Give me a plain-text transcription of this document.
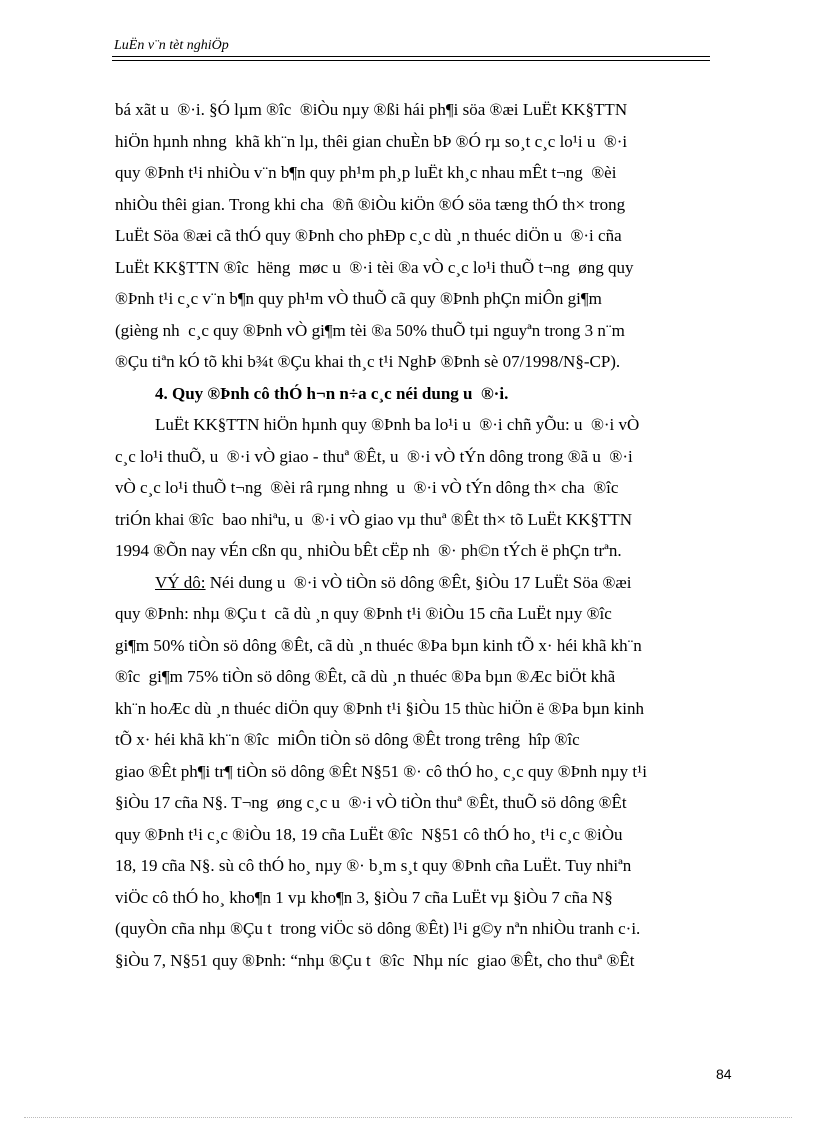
LuËn v¨n tèt nghiÖp
bá xãt u  ®·i. §Ó lµm ®îc  ®iÒu nµy ®ßi hái ph¶i söa ®æi LuËt KK§TTN
hiÖn hµnh nhng  khã kh¨n lµ, thêi gian chuÈn bÞ ®Ó rµ so¸t c¸c lo¹i u  ®·i
quy ®Þnh t¹i nhiÒu v¨n b¶n quy ph¹m ph¸p luËt kh¸c nhau mÊt t¬ng  ®èi
nhiÒu thêi gian. Trong khi cha  ®ñ ®iÒu kiÖn ®Ó söa tæng thÓ th× trong
LuËt Söa ®æi cã thÓ quy ®Þnh cho phÐp c¸c dù ¸n thuéc diÖn u  ®·i cña
LuËt KK§TTN ®îc  hëng  møc u  ®·i tèi ®a vÒ c¸c lo¹i thuÕ t¬ng  øng quy
®Þnh t¹i c¸c v¨n b¶n quy ph¹m vÒ thuÕ cã quy ®Þnh phÇn miÔn gi¶m
(gièng nh  c¸c quy ®Þnh vÒ gi¶m tèi ®a 50% thuÕ tµi nguyªn trong 3 n¨m
®Çu tiªn kÓ tõ khi b¾t ®Çu khai th¸c t¹i NghÞ ®Þnh sè 07/1998/N§-CP).
4. Quy ®Þnh cô thÓ h¬n n÷a c¸c néi dung u  ®·i.
LuËt KK§TTN hiÖn hµnh quy ®Þnh ba lo¹i u  ®·i chñ yÕu: u  ®·i vÒ
c¸c lo¹i thuÕ, u  ®·i vÒ giao - thuª ®Êt, u  ®·i vÒ tÝn dông trong ®ã u  ®·i
vÒ c¸c lo¹i thuÕ t¬ng  ®èi râ rµng nhng  u  ®·i vÒ tÝn dông th× cha  ®îc
triÓn khai ®îc  bao nhiªu, u  ®·i vÒ giao vµ thuª ®Êt th× tõ LuËt KK§TTN
1994 ®Õn nay vÉn cßn qu¸ nhiÒu bÊt cËp nh  ®· ph©n tÝch ë phÇn trªn.
VÝ dô: Néi dung u  ®·i vÒ tiÒn sö dông ®Êt, §iÒu 17 LuËt Söa ®æi
quy ®Þnh: nhµ ®Çu t  cã dù ¸n quy ®Þnh t¹i ®iÒu 15 cña LuËt nµy ®îc
gi¶m 50% tiÒn sö dông ®Êt, cã dù ¸n thuéc ®Þa bµn kinh tÕ x· héi khã kh¨n
®îc  gi¶m 75% tiÒn sö dông ®Êt, cã dù ¸n thuéc ®Þa bµn ®Æc biÖt khã
kh¨n hoÆc dù ¸n thuéc diÖn quy ®Þnh t¹i §iÒu 15 thùc hiÖn ë ®Þa bµn kinh
tÕ x· héi khã kh¨n ®îc  miÔn tiÒn sö dông ®Êt trong trêng  hîp ®îc
giao ®Êt ph¶i tr¶ tiÒn sö dông ®Êt N§51 ®· cô thÓ ho¸ c¸c quy ®Þnh nµy t¹i
§iÒu 17 cña N§. T¬ng  øng c¸c u  ®·i vÒ tiÒn thuª ®Êt, thuÕ sö dông ®Êt
quy ®Þnh t¹i c¸c ®iÒu 18, 19 cña LuËt ®îc  N§51 cô thÓ ho¸ t¹i c¸c ®iÒu
18, 19 cña N§. sù cô thÓ ho¸ nµy ®· b¸m s¸t quy ®Þnh cña LuËt. Tuy nhiªn
viÖc cô thÓ ho¸ kho¶n 1 vµ kho¶n 3, §iÒu 7 cña LuËt vµ §iÒu 7 cña N§
(quyÒn cña nhµ ®Çu t  trong viÖc sö dông ®Êt) l¹i g©y nªn nhiÒu tranh c·i.
§iÒu 7, N§51 quy ®Þnh: “nhµ ®Çu t  ®îc  Nhµ níc  giao ®Êt, cho thuª ®Êt
84
